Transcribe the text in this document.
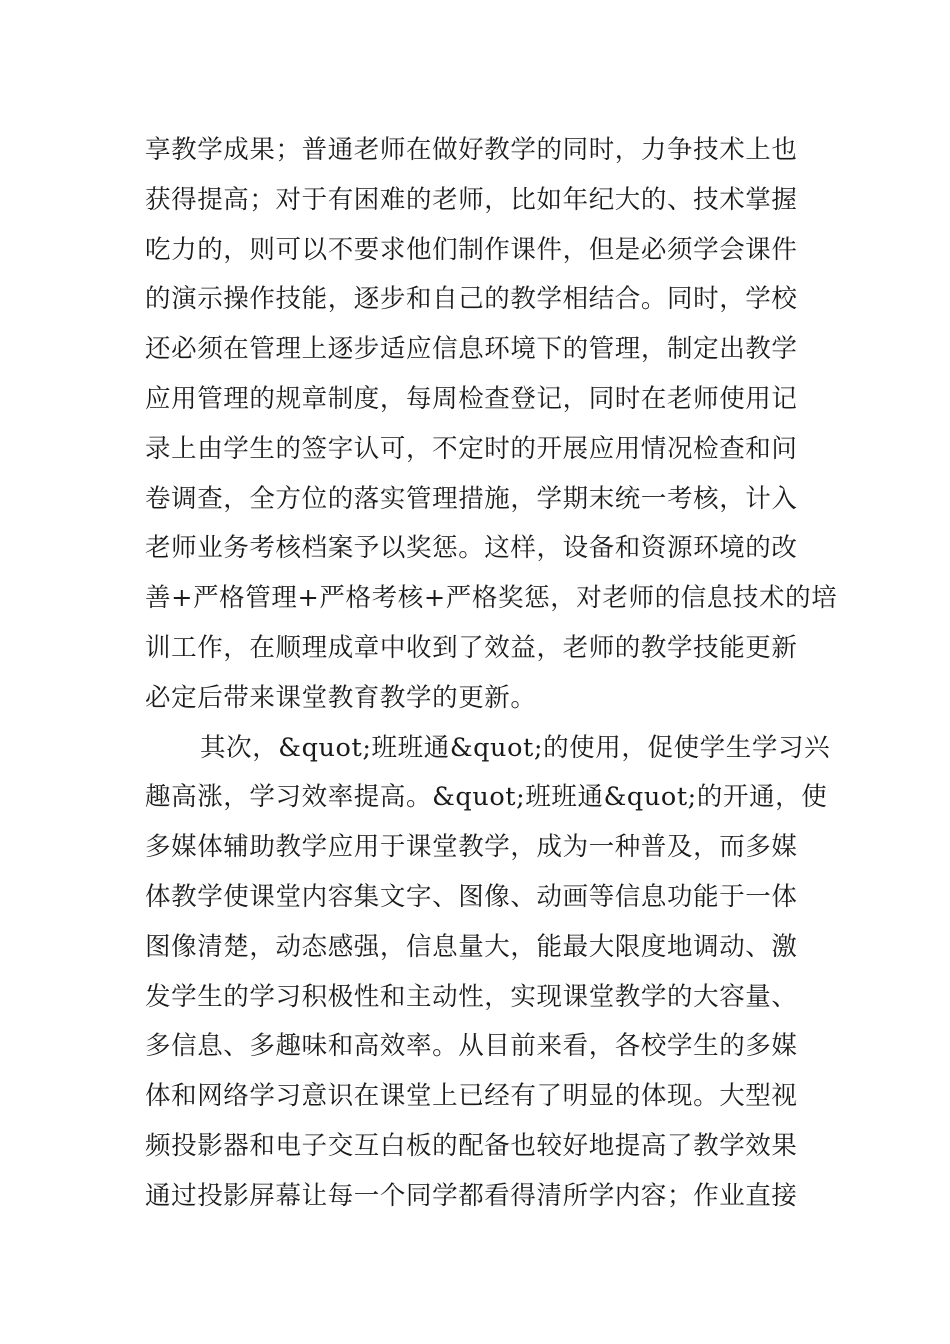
享教学成果；普通老师在做好教学的同时，力争技术上也
获得提高；对于有困难的老师，比如年纪大的、技术掌握
吃力的，则可以不要求他们制作课件，但是必须学会课件
的演示操作技能，逐步和自己的教学相结合。同时，学校
还必须在管理上逐步适应信息环境下的管理，制定出教学
应用管理的规章制度，每周检查登记，同时在老师使用记
录上由学生的签字认可，不定时的开展应用情况检查和问
卷调查，全方位的落实管理措施，学期末统一考核，计入
老师业务考核档案予以奖惩。这样，设备和资源环境的改
善+严格管理+严格考核+严格奖惩，对老师的信息技术的培
训工作，在顺理成章中收到了效益，老师的教学技能更新
必定后带来课堂教育教学的更新。
其次，&quot;班班通&quot;的使用，促使学生学习兴
趣高涨，学习效率提高。&quot;班班通&quot;的开通，使
多媒体辅助教学应用于课堂教学，成为一种普及，而多媒
体教学使课堂内容集文字、图像、动画等信息功能于一体
图像清楚，动态感强，信息量大，能最大限度地调动、激
发学生的学习积极性和主动性，实现课堂教学的大容量、
多信息、多趣味和高效率。从目前来看，各校学生的多媒
体和网络学习意识在课堂上已经有了明显的体现。大型视
频投影器和电子交互白板的配备也较好地提高了教学效果
通过投影屏幕让每一个同学都看得清所学内容；作业直接
